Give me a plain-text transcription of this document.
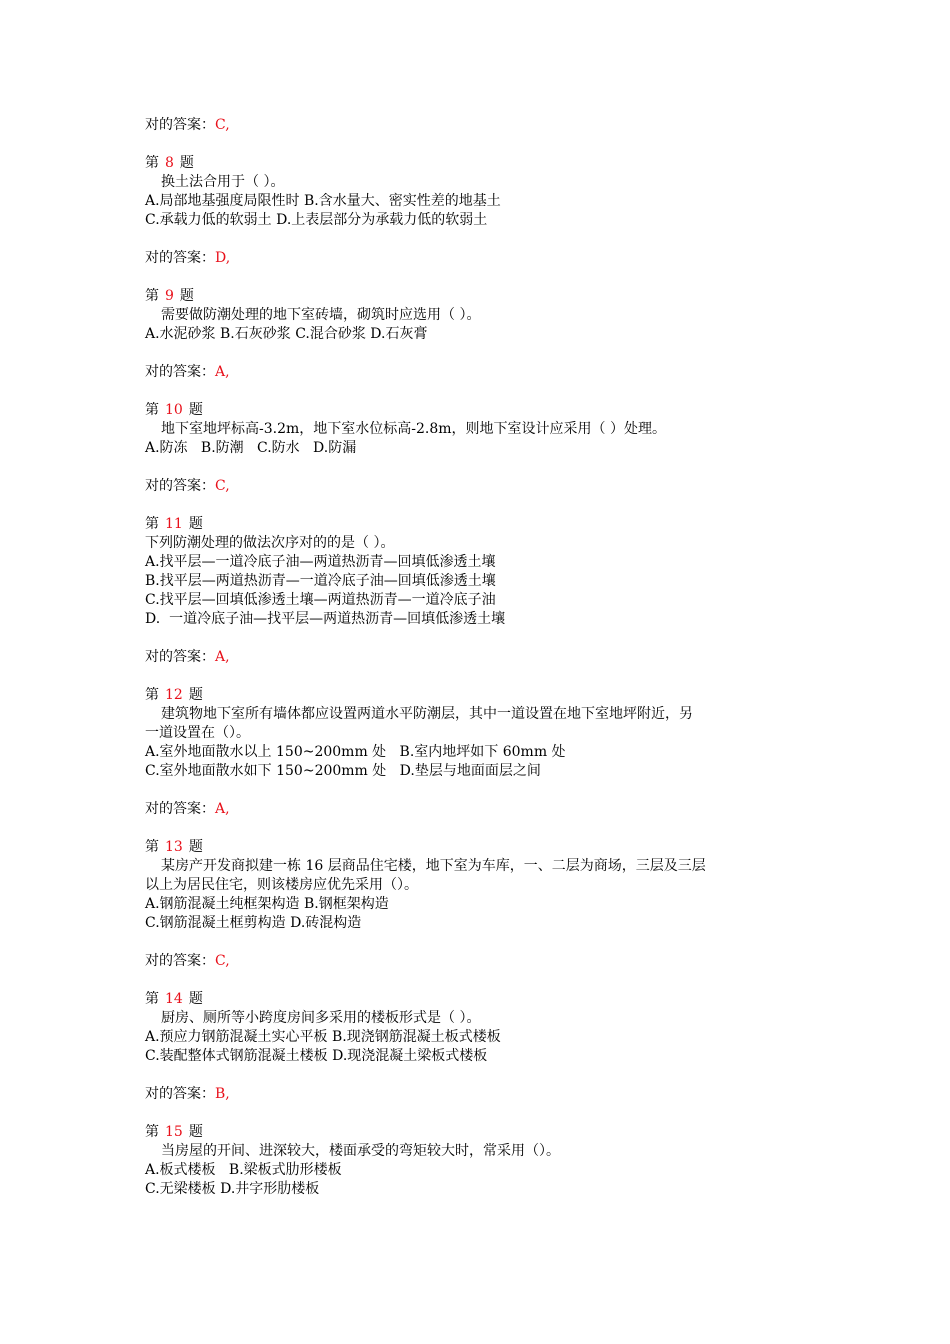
对的答案：C,
第 8 题
换土法合用于（ ）。
A.局部地基强度局限性时 B.含水量大、密实性差的地基土
C.承载力低的软弱土 D.上表层部分为承载力低的软弱土
对的答案：D,
第 9 题
需要做防潮处理的地下室砖墙，砌筑时应选用（ ）。
A.水泥砂浆 B.石灰砂浆 C.混合砂浆 D.石灰膏
对的答案：A,
第 10 题
地下室地坪标高-3.2m，地下室水位标高-2.8m，则地下室设计应采用（ ）处理。
A.防冻   B.防潮   C.防水   D.防漏
对的答案：C,
第 11 题
下列防潮处理的做法次序对的的是（ ）。
A.找平层—一道冷底子油—两道热沥青—回填低渗透土壤
B.找平层—两道热沥青—一道冷底子油—回填低渗透土壤
C.找平层—回填低渗透土壤—两道热沥青—一道冷底子油
D.  一道冷底子油—找平层—两道热沥青—回填低渗透土壤
对的答案：A,
第 12 题
建筑物地下室所有墙体都应设置两道水平防潮层，其中一道设置在地下室地坪附近，另
一道设置在（）。
A.室外地面散水以上 150~200mm 处   B.室内地坪如下 60mm 处
C.室外地面散水如下 150~200mm 处   D.垫层与地面面层之间
对的答案：A,
第 13 题
某房产开发商拟建一栋 16 层商品住宅楼，地下室为车库，一、二层为商场，三层及三层
以上为居民住宅，则该楼房应优先采用（）。
A.钢筋混凝土纯框架构造 B.钢框架构造
C.钢筋混凝土框剪构造 D.砖混构造
对的答案：C,
第 14 题
厨房、厕所等小跨度房间多采用的楼板形式是（ ）。
A.预应力钢筋混凝土实心平板 B.现浇钢筋混凝土板式楼板
C.装配整体式钢筋混凝土楼板 D.现浇混凝土梁板式楼板
对的答案：B,
第 15 题
当房屋的开间、进深较大，楼面承受的弯矩较大时，常采用（）。
A.板式楼板   B.梁板式肋形楼板
C.无梁楼板 D.井字形肋楼板
